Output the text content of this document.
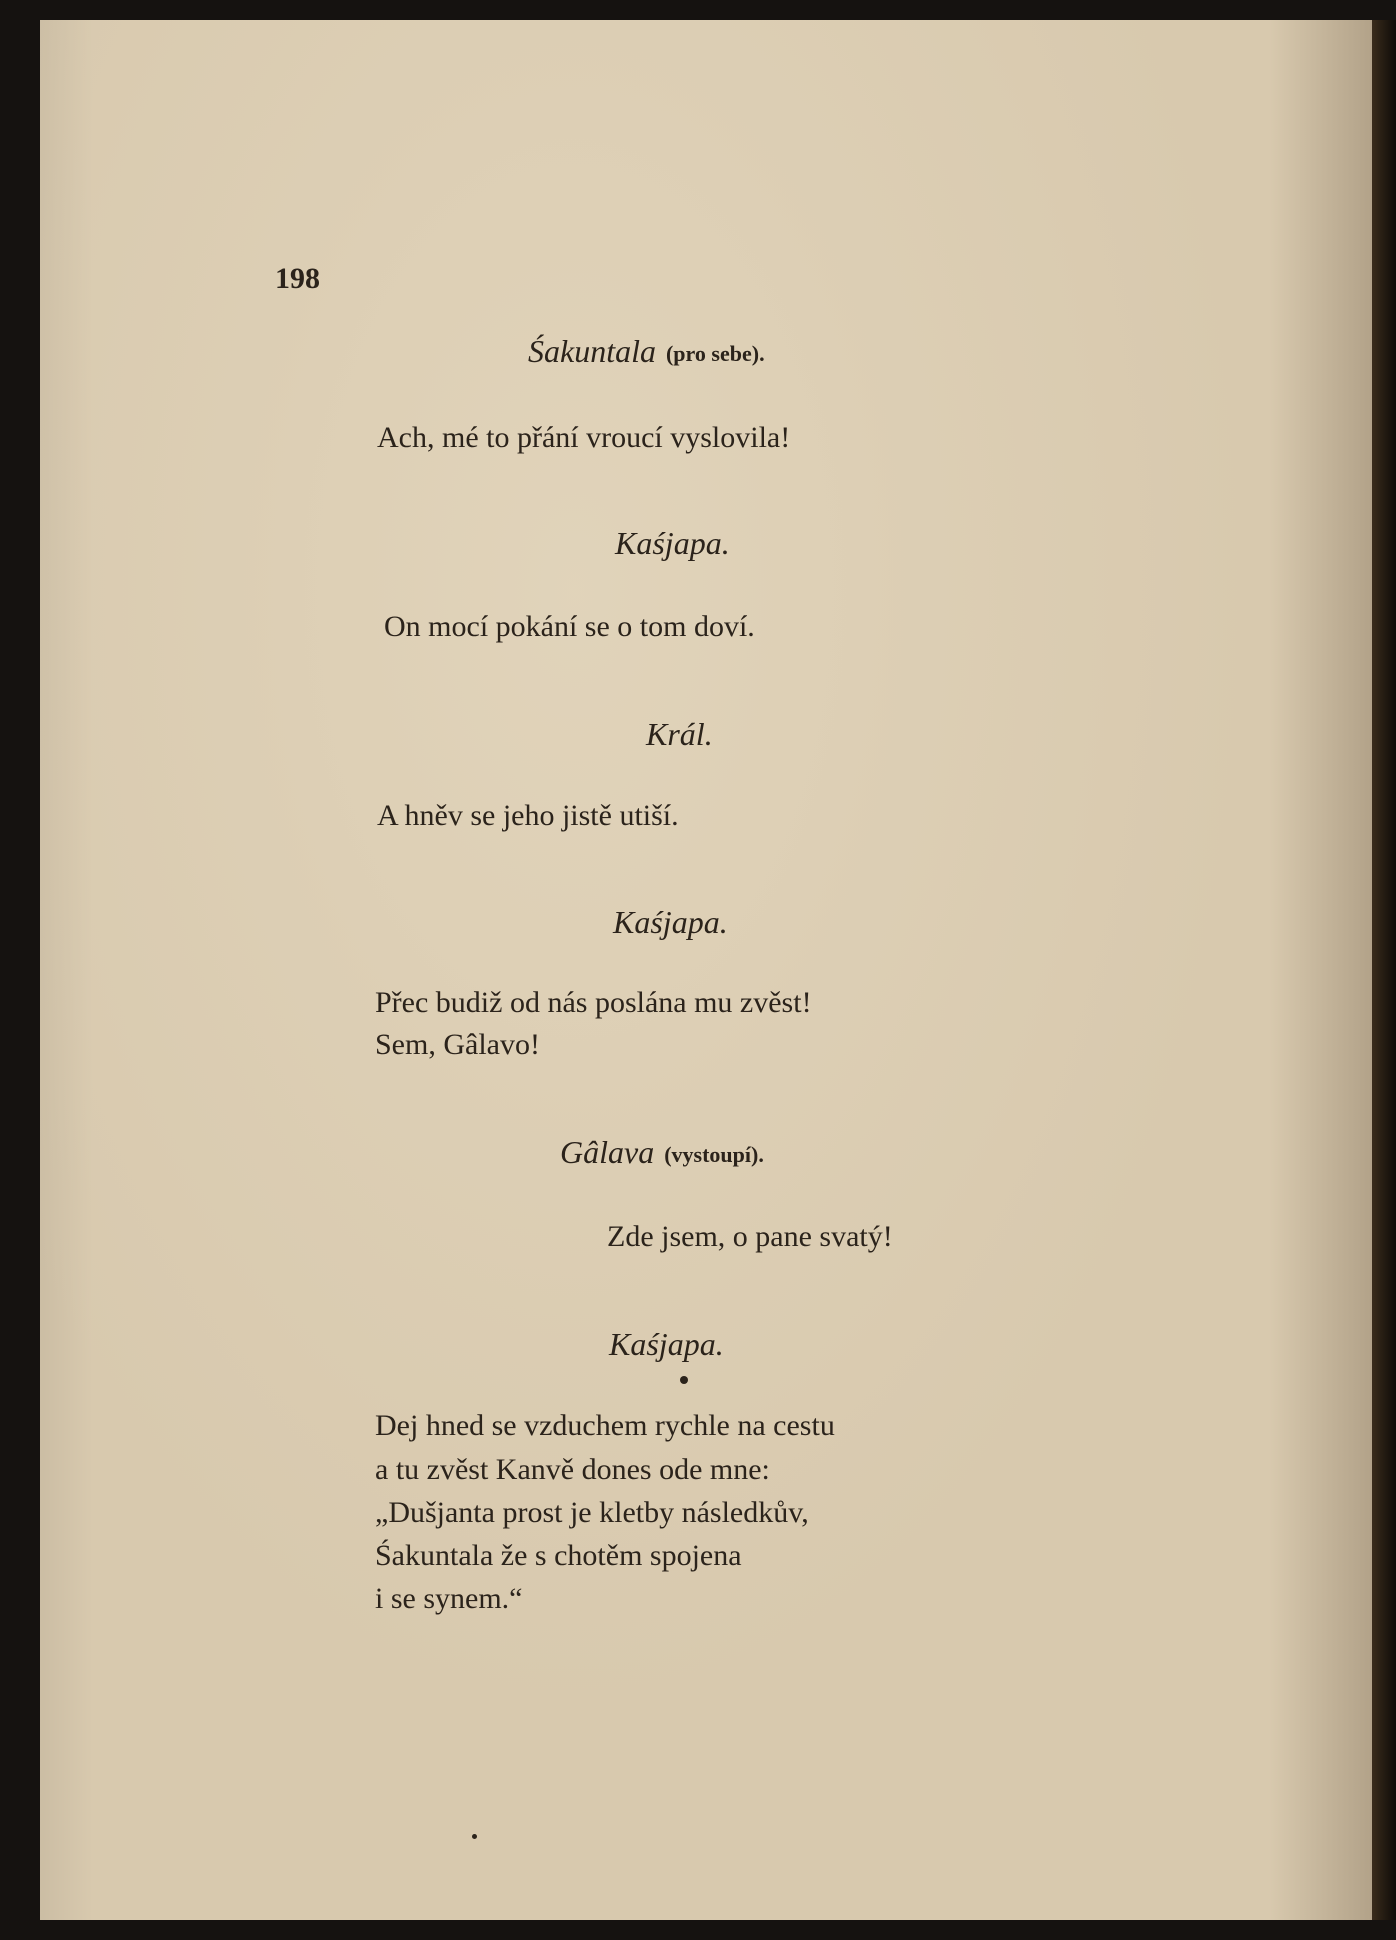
198
Śakuntala (pro sebe).
Ach, mé to přání vroucí vyslovila!
Kaśjapa.
On mocí pokání se o tom doví.
Král.
A hněv se jeho jistě utiší.
Kaśjapa.
Přec budiž od nás poslána mu zvěst!
Sem, Gâlavo!
Gâlava (vystoupí).
Zde jsem, o pane svatý!
Kaśjapa.
Dej hned se vzduchem rychle na cestu
a tu zvěst Kanvě dones ode mne:
„Dušjanta prost je kletby následkův,
Śakuntala že s chotěm spojena
i se synem.“
